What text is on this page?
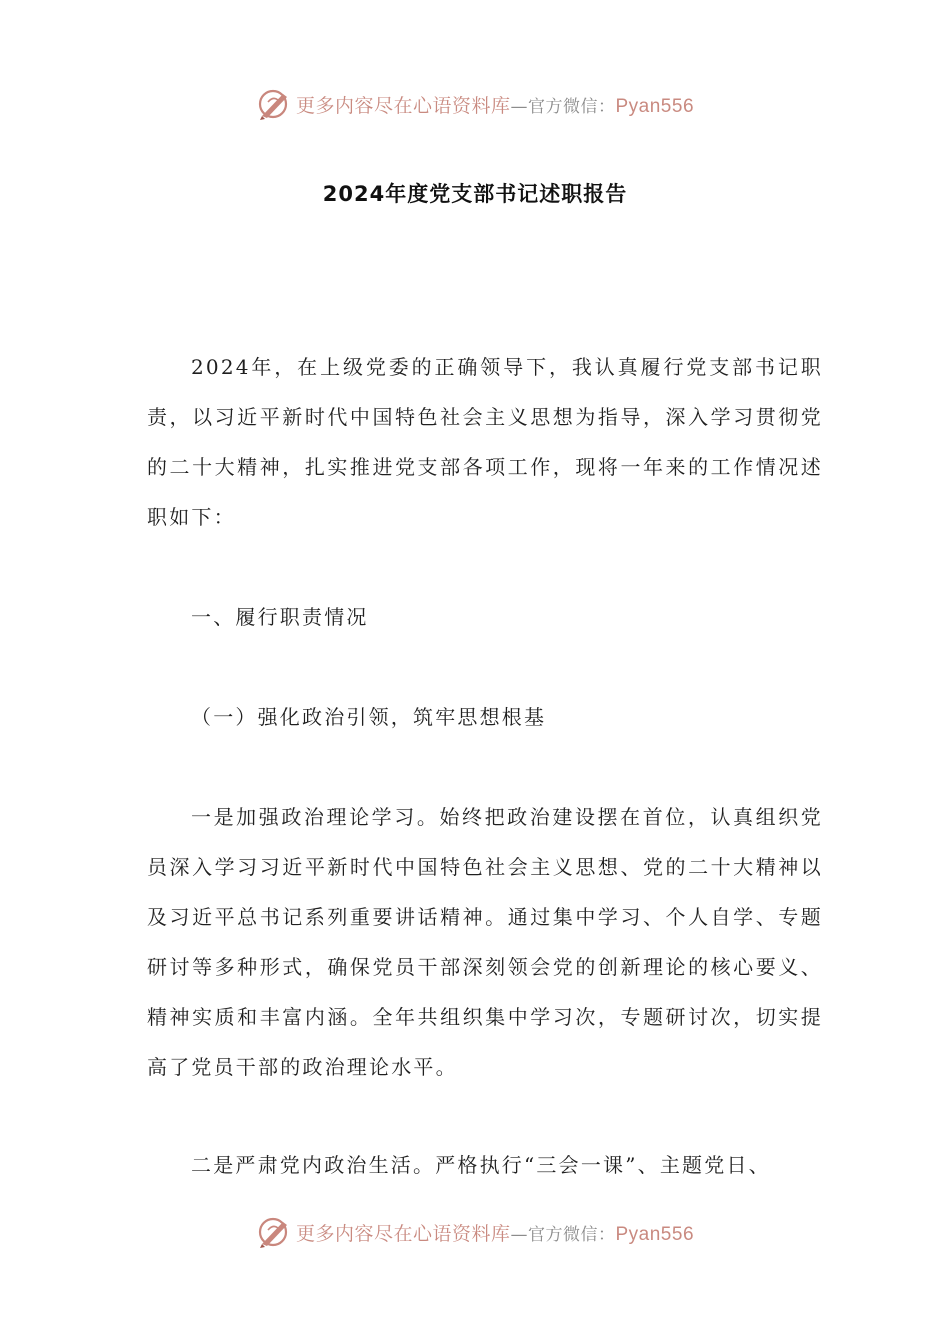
更多内容尽在心语资料库—官方微信：Pyan556
2024年度党支部书记述职报告

2024年，在上级党委的正确领导下，我认真履行党支部书记职责，以习近平新时代中国特色社会主义思想为指导，深入学习贯彻党的二十大精神，扎实推进党支部各项工作，现将一年来的工作情况述职如下：

一、履行职责情况

（一）强化政治引领，筑牢思想根基

一是加强政治理论学习。始终把政治建设摆在首位，认真组织党员深入学习习近平新时代中国特色社会主义思想、党的二十大精神以及习近平总书记系列重要讲话精神。通过集中学习、个人自学、专题研讨等多种形式，确保党员干部深刻领会党的创新理论的核心要义、精神实质和丰富内涵。全年共组织集中学习次，专题研讨次，切实提高了党员干部的政治理论水平。

二是严肃党内政治生活。严格执行“三会一课”、主题党日、

更多内容尽在心语资料库—官方微信：Pyan556
